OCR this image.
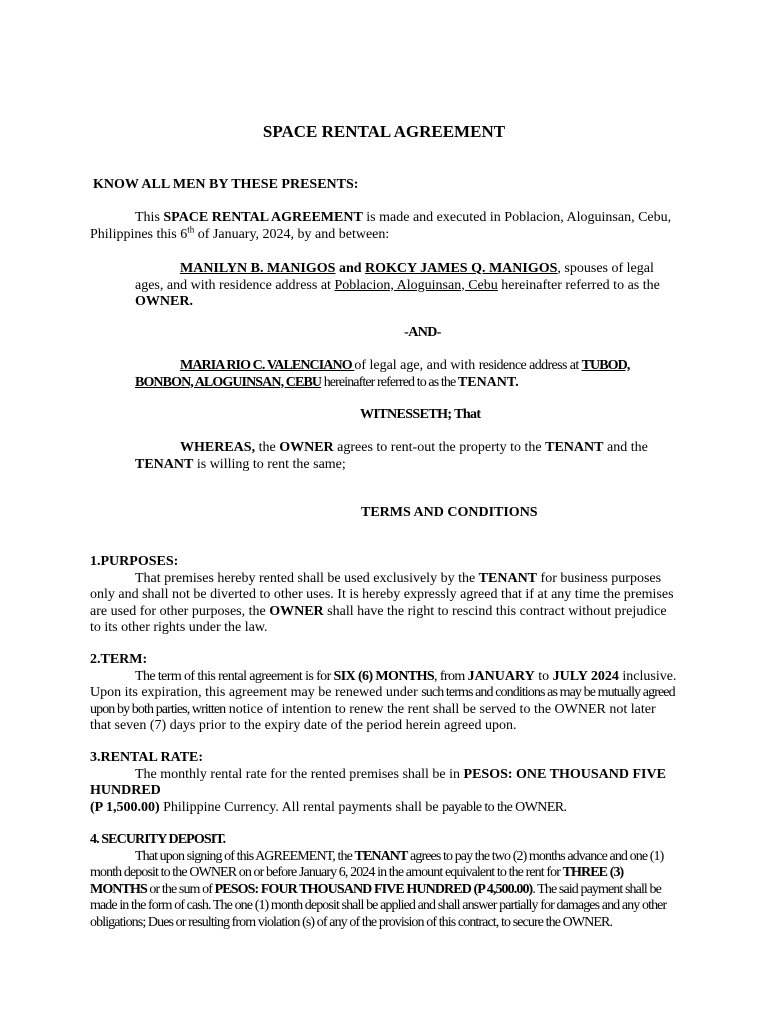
SPACE RENTAL AGREEMENT
KNOW ALL MEN BY THESE PRESENTS:
This SPACE RENTAL AGREEMENT is made and executed in Poblacion, Aloguinsan, Cebu, Philippines this 6th of January, 2024, by and between:
MANILYN B. MANIGOS and ROKCY JAMES Q. MANIGOS, spouses of legal ages, and with residence address at Poblacion, Aloguinsan, Cebu hereinafter referred to as the OWNER.
-AND-
MARIA RIO C. VALENCIANO of legal age, and with residence address at TUBOD, BONBON, ALOGUINSAN, CEBU hereinafter referred to as the TENANT.
WITNESSETH; That
WHEREAS, the OWNER agrees to rent-out the property to the TENANT and the TENANT is willing to rent the same;
TERMS AND CONDITIONS
1.PURPOSES:
That premises hereby rented shall be used exclusively by the TENANT for business purposes only and shall not be diverted to other uses. It is hereby expressly agreed that if at any time the premises are used for other purposes, the OWNER shall have the right to rescind this contract without prejudice to its other rights under the law.
2.TERM:
The term of this rental agreement is for SIX (6) MONTHS, from JANUARY to JULY 2024 inclusive. Upon its expiration, this agreement may be renewed under such terms and conditions as may be mutually agreed upon by both parties, written notice of intention to renew the rent shall be served to the OWNER not later that seven (7) days prior to the expiry date of the period herein agreed upon.
3.RENTAL RATE:
The monthly rental rate for the rented premises shall be in PESOS: ONE THOUSAND FIVE HUNDRED
(P 1,500.00) Philippine Currency. All rental payments shall be payable to the OWNER.
4. SECURITY DEPOSIT.
That upon signing of this AGREEMENT, the TENANT agrees to pay the two (2) months advance and one (1) month deposit to the OWNER on or before January 6, 2024 in the amount equivalent to the rent for THREE (3) MONTHS or the sum of PESOS: FOUR THOUSAND FIVE HUNDRED (P 4,500.00). The said payment shall be made in the form of cash. The one (1) month deposit shall be applied and shall answer partially for damages and any other obligations; Dues or resulting from violation (s) of any of the provision of this contract, to secure the OWNER.
